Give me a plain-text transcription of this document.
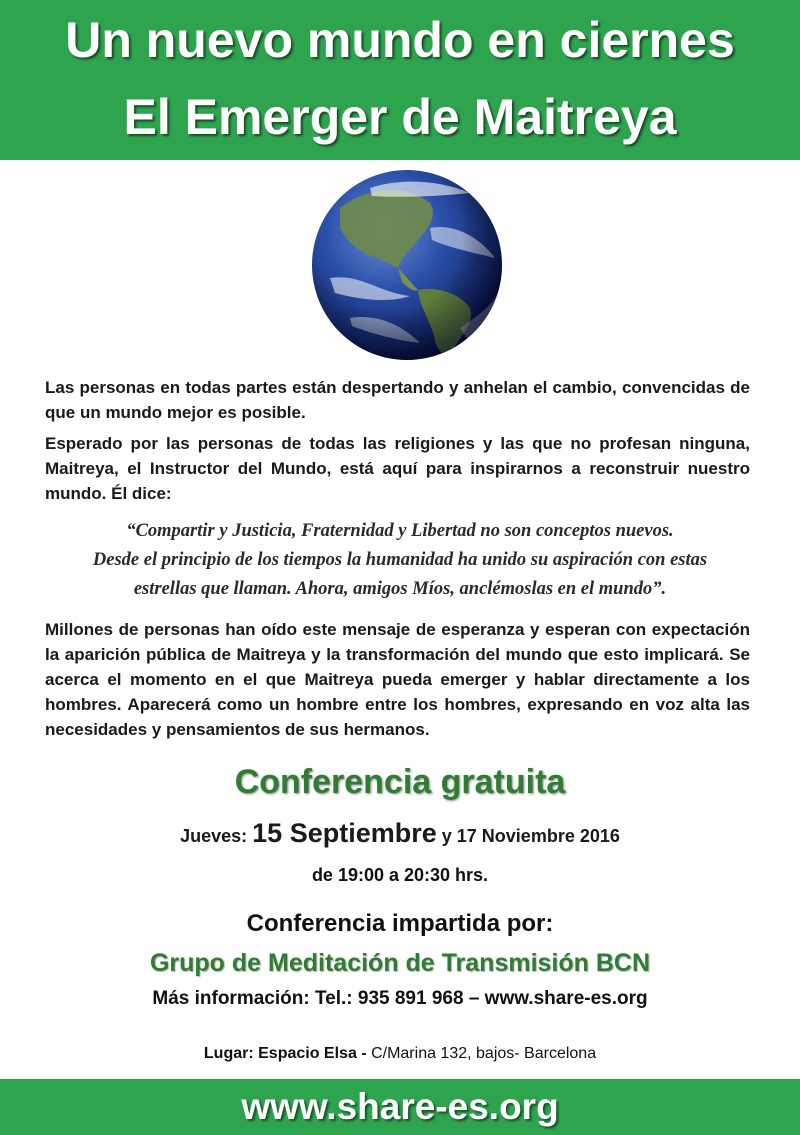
Un nuevo mundo en ciernes
El Emerger de Maitreya
Las personas en todas partes están despertando y anhelan el cambio, convencidas de que un mundo mejor es posible.
Esperado por las personas de todas las religiones y las que no profesan ninguna, Maitreya, el Instructor del Mundo, está aquí para inspirarnos a reconstruir nuestro mundo. Él dice:
“Compartir y Justicia, Fraternidad y Libertad no son conceptos nuevos.
Desde el principio de los tiempos la humanidad ha unido su aspiración con estas
estrellas que llaman. Ahora, amigos Míos, anclémoslas en el mundo”.
Millones de personas han oído este mensaje de esperanza y esperan con expectación la aparición pública de Maitreya y la transformación del mundo que esto implicará. Se acerca el momento en el que Maitreya pueda emerger y hablar directamente a los hombres. Aparecerá como un hombre entre los hombres, expresando en voz alta las necesidades y pensamientos de sus hermanos.
Conferencia gratuita
Jueves: 15 Septiembre y 17 Noviembre 2016
de 19:00 a 20:30 hrs.
Conferencia impartida por:
Grupo de Meditación de Transmisión BCN
Más información: Tel.: 935 891 968 – www.share-es.org
Lugar: Espacio Elsa - C/Marina 132, bajos- Barcelona
www.share-es.org
